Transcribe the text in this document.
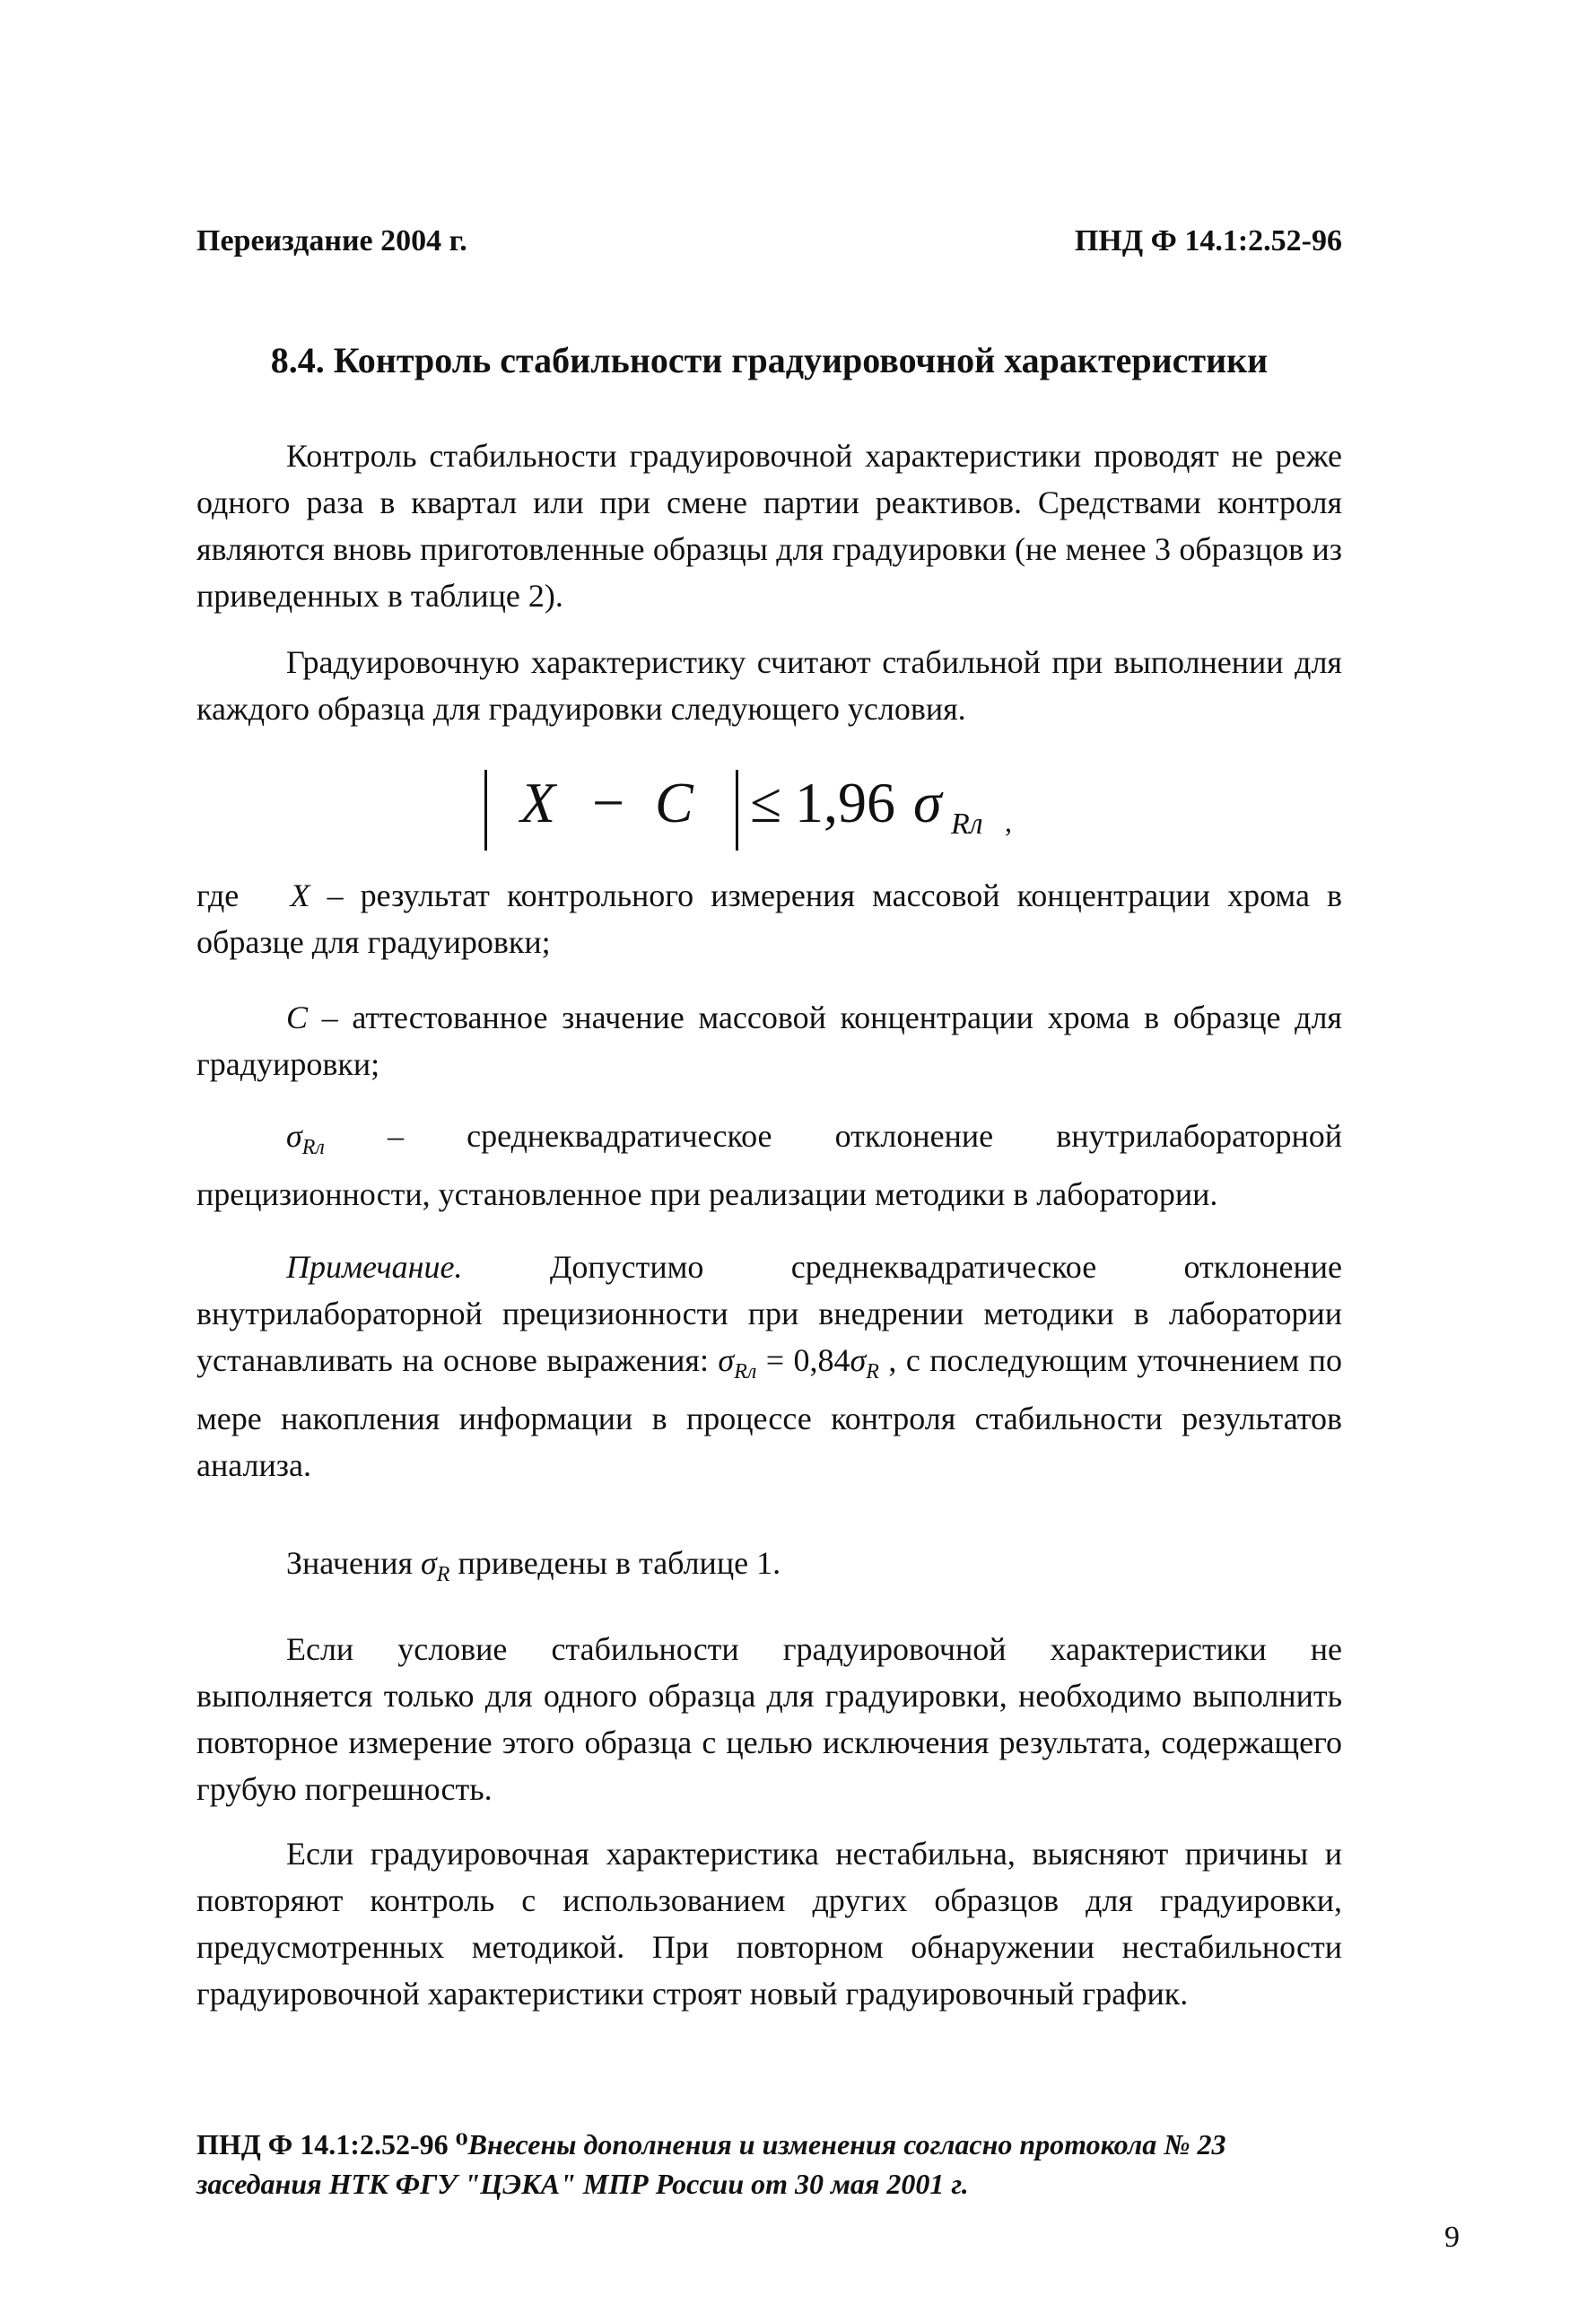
Переиздание 2004 г.	ПНД Ф 14.1:2.52-96
8.4. Контроль стабильности градуировочной характеристики
Контроль стабильности градуировочной характеристики проводят не реже одного раза в квартал или при смене партии реактивов. Средствами контроля являются вновь приготовленные образцы для градуировки (не менее 3 образцов из приведенных в таблице 2).
Градуировочную характеристику считают стабильной при выполнении для каждого образца для градуировки следующего условия.
X − C ≤ 1,96 σ Rл ,
где X – результат контрольного измерения массовой концентрации хрома в образце для градуировки;
C – аттестованное значение массовой концентрации хрома в образце для градуировки;
$\sigma_{Rл}$ – среднеквадратическое отклонение внутрилабораторной прецизионности, установленное при реализации методики в лаборатории.
Примечание. Допустимо среднеквадратическое отклонение внутрилабораторной прецизионности при внедрении методики в лаборатории устанавливать на основе выражения: $\sigma_{Rл} = 0,84\sigma_R$ , с последующим уточнением по мере накопления информации в процессе контроля стабильности результатов анализа.
Значения $\sigma_R$ приведены в таблице 1.
Если условие стабильности градуировочной характеристики не выполняется только для одного образца для градуировки, необходимо выполнить повторное измерение этого образца с целью исключения результата, содержащего грубую погрешность.
Если градуировочная характеристика нестабильна, выясняют причины и повторяют контроль с использованием других образцов для градуировки, предусмотренных методикой. При повторном обнаружении нестабильности градуировочной характеристики строят новый градуировочный график.
ПНД Ф 14.1:2.52-96 ⁰Внесены дополнения и изменения согласно протокола № 23 заседания НТК ФГУ "ЦЭКА" МПР России от 30 мая 2001 г.
9
